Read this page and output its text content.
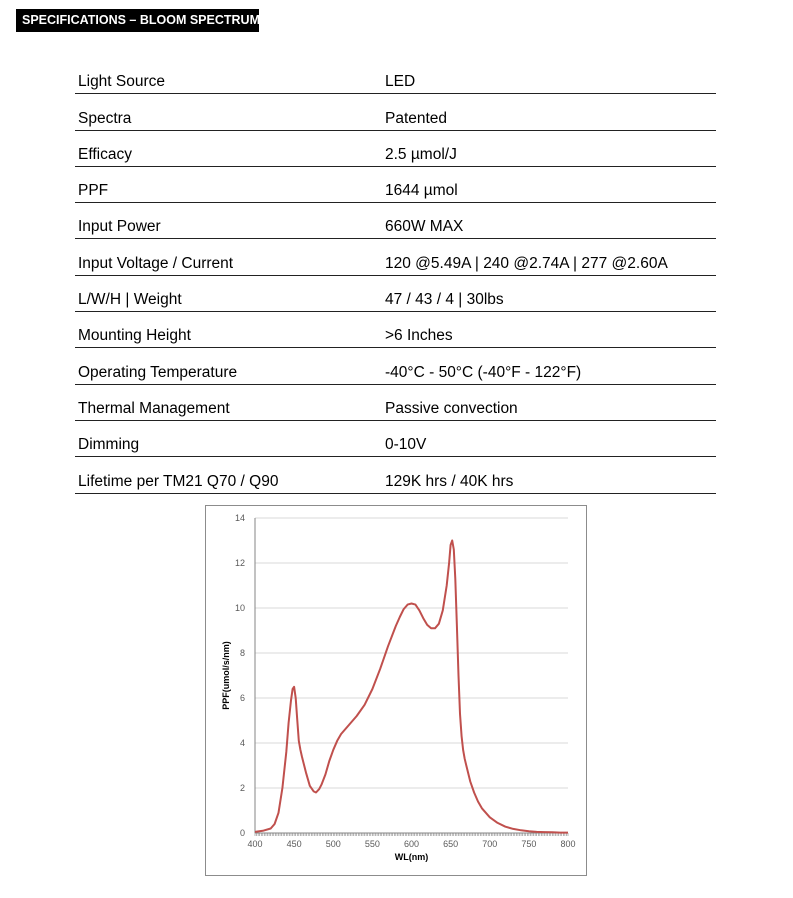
SPECIFICATIONS – BLOOM SPECTRUM
Light Source	LED
Spectra	Patented
Efficacy	2.5 µmol/J
PPF	1644 µmol
Input Power	660W MAX
Input Voltage / Current	120 @5.49A | 240 @2.74A | 277 @2.60A
L/W/H | Weight	47 / 43 / 4 | 30lbs
Mounting Height	>6 Inches
Operating Temperature	-40°C - 50°C (-40°F - 122°F)
Thermal Management	Passive convection
Dimming	0-10V
Lifetime per TM21 Q70 / Q90	129K hrs / 40K hrs
0
2
4
6
8
10
12
14
400	450	500	550	600	650	700	750	800
WL(nm)
PPF(umol/s/nm)
